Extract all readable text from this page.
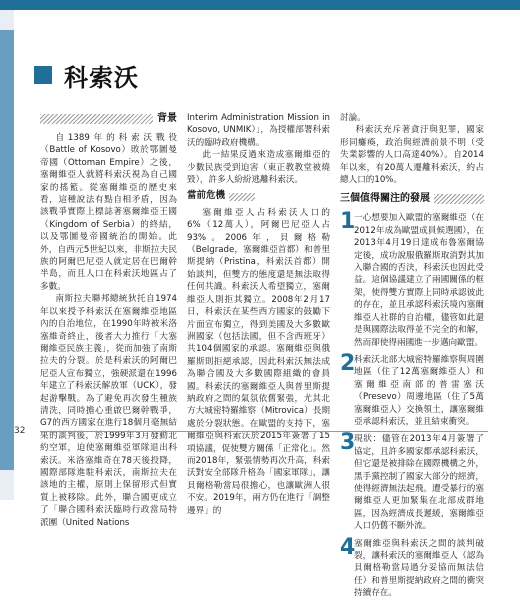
科索沃
背景

自1389年的科索沃戰役（Battle of Kosovo）敗於鄂圖曼帝國（Ottoman Empire）之後，塞爾維亞人就將科索沃視為自己國家的搖籃。從塞爾維亞的歷史來看，這種說法有點自相矛盾，因為該戰爭實際上標誌著塞爾維亞王國（Kingdom of Serbia）的終結，以及鄂圖曼帝國統治的開始。此外，自西元5世紀以來，非斯拉夫民族的阿爾巴尼亞人就定居在巴爾幹半島，而且人口在科索沃地區占了多數。

南斯拉夫聯邦總統狄托自1974年以來授予科索沃在塞爾維亞地區內的自治地位，在1990年時被米洛塞維奇終止，後者大力推行「大塞爾維亞民族主義」，從而加強了南斯拉夫的分裂。於是科索沃的阿爾巴尼亞人宣布獨立，強硬派還在1996年建立了科索沃解放軍（UCK），發起游擊戰。為了避免再次發生種族清洗，同時擔心重啟巴爾幹戰爭，G7的西方國家在進行18個月毫無結果的談判後，於1999年3月發動北約空軍，迫使塞爾維亞軍隊退出科索沃。米洛塞維奇在78天後投降，國際部隊進駐科索沃，南斯拉夫在該地的主權，原則上保留形式但實質上被移除。此外，聯合國更成立了「聯合國科索沃臨時行政當局特派團（United Nations

Interim Administration Mission in Kosovo, UNMIK）」，為授權部署科索沃的臨時政府機構。

此一結果反過來造成塞爾維亞的少數民族受到迫害（東正教教堂被燒毀），許多人紛紛逃離科索沃。

當前危機

塞爾維亞人占科索沃人口的6%（12萬人），阿爾巴尼亞人占93%。2006年，貝爾格勒（Belgrade，塞爾維亞首都）和普里斯提納（Pristina，科索沃首都）開始談判，但雙方的態度還是無法取得任何共識。科索沃人希望獨立，塞爾維亞人則拒其獨立。2008年2月17日，科索沃在某些西方國家的鼓勵下片面宣布獨立，得到美國及大多數歐洲國家（包括法國，但不含西班牙）共104個國家的承認。塞爾維亞與俄羅斯則拒絕承認，因此科索沃無法成為聯合國及大多數國際組織的會員國。科索沃的塞爾維亞人與普里斯提納政府之間的氣氛依舊緊張，尤其北方大城密特羅維察（Mitrovica）長期處於分裂狀態。在歐盟的支持下，塞爾維亞與科索沃於2015年簽署了15項協議，促使雙方關係「正常化」。然而2018年，緊張情勢再次升高，科索沃對安全部隊升格為「國家軍隊」，讓貝爾格勒當局很擔心，也讓歐洲人很不安。2019年，兩方仍在進行「調整邊界」的

討論。

科索沃充斥著貪汙與犯罪，國家形同癱瘓，政治與經濟前景不明（受失業影響的人口高達40%）。自2014年以來，有20萬人遷離科索沃，約占總人口的10%。

三個值得關注的發展
1
一心想要加入歐盟的塞爾維亞（在2012年成為歐盟成員候選國），在2013年4月19日達成布魯塞爾協定後，成功說服俄羅斯取消對其加入聯合國的否決，科索沃也因此受益。這個協議建立了兩國關係的框架，使得雙方實際上同時承認彼此的存在，並且承認科索沃境內塞爾維亞人社群的自治權，儘管如此還是與國際法取得並不完全的和解，然而卻使得兩國進一步邁向歐盟。
2
科索沃北部大城密特羅維察與周圍地區（住了12萬塞爾維亞人）和塞爾維亞南部的普雷塞沃（Presevo）周邊地區（住了5萬塞爾維亞人）交換領土，讓塞爾維亞承認科索沃，並且結束衝突。
3
現狀：儘管在2013年4月簽署了協定，且許多國家都承認科索沃，但它還是被排除在國際機構之外，黑手黨控制了國家大部分的經濟，使得經濟無法起飛。遭受暴行的塞爾維亞人更加緊集在北部成群地區，因為經濟成長遲緩，塞爾維亞人口仍舊不斷外流。
4
塞爾維亞與科索沃之間的談判破裂，讓科索沃的塞爾維亞人（認為貝爾格勒當局過分妥協而無法信任）和普里斯提納政府之間的衝突持續存在。
32
